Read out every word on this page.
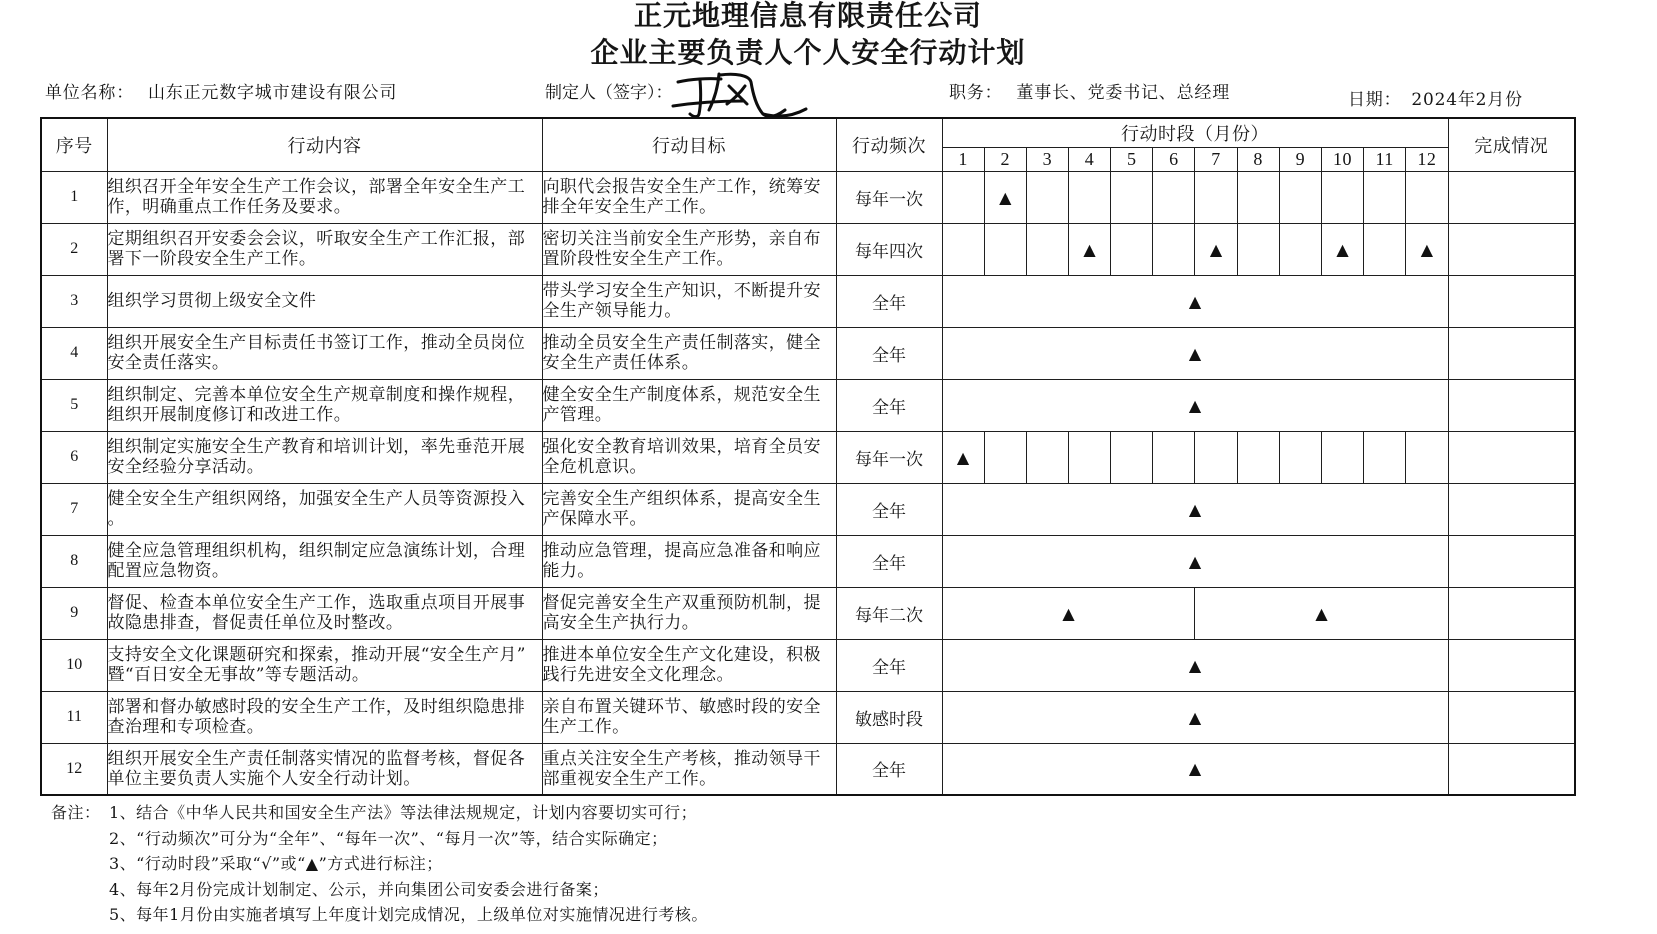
正元地理信息有限责任公司
企业主要负责人个人安全行动计划
单位名称： 山东正元数字城市建设有限公司	制定人（签字）：	职务： 董事长、党委书记、总经理	日期： 2024年2月份
序号	行动内容	行动目标	行动频次	行动时段（月份）												完成情况
				1	2	3	4	5	6	7	8	9	10	11	12	
1	组织召开全年安全生产工作会议，部署全年安全生产工作，明确重点工作任务及要求。	向职代会报告安全生产工作，统筹安排全年安全生产工作。	每年一次		▲											
2	定期组织召开安委会会议，听取安全生产工作汇报，部署下一阶段安全生产工作。	密切关注当前安全生产形势，亲自布置阶段性安全生产工作。	每年四次				▲			▲			▲		▲	
3	组织学习贯彻上级安全文件	带头学习安全生产知识，不断提升安全生产领导能力。	全年	▲												
4	组织开展安全生产目标责任书签订工作，推动全员岗位安全责任落实。	推动全员安全生产责任制落实，健全安全生产责任体系。	全年	▲												
5	组织制定、完善本单位安全生产规章制度和操作规程，组织开展制度修订和改进工作。	健全安全生产制度体系，规范安全生产管理。	全年	▲												
6	组织制定实施安全生产教育和培训计划，率先垂范开展安全经验分享活动。	强化安全教育培训效果，培育全员安全危机意识。	每年一次	▲												
7	健全安全生产组织网络，加强安全生产人员等资源投入。	完善安全生产组织体系，提高安全生产保障水平。	全年	▲												
8	健全应急管理组织机构，组织制定应急演练计划，合理配置应急物资。	推动应急管理，提高应急准备和响应能力。	全年	▲												
9	督促、检查本单位安全生产工作，选取重点项目开展事故隐患排查，督促责任单位及时整改。	督促完善安全生产双重预防机制，提高安全生产执行力。	每年二次	▲						▲						
10	支持安全文化课题研究和探索，推动开展“安全生产月”暨“百日安全无事故”等专题活动。	推进本单位安全生产文化建设，积极践行先进安全文化理念。	全年	▲												
11	部署和督办敏感时段的安全生产工作，及时组织隐患排查治理和专项检查。	亲自布置关键环节、敏感时段的安全生产工作。	敏感时段	▲												
12	组织开展安全生产责任制落实情况的监督考核，督促各单位主要负责人实施个人安全行动计划。	重点关注安全生产考核，推动领导干部重视安全生产工作。	全年	▲												
备注： 1、结合《中华人民共和国安全生产法》等法律法规规定，计划内容要切实可行；
2、“行动频次”可分为“全年”、“每年一次”、“每月一次”等，结合实际确定；
3、“行动时段”采取“√”或“▲”方式进行标注；
4、每年2月份完成计划制定、公示，并向集团公司安委会进行备案；
5、每年1月份由实施者填写上年度计划完成情况，上级单位对实施情况进行考核。
